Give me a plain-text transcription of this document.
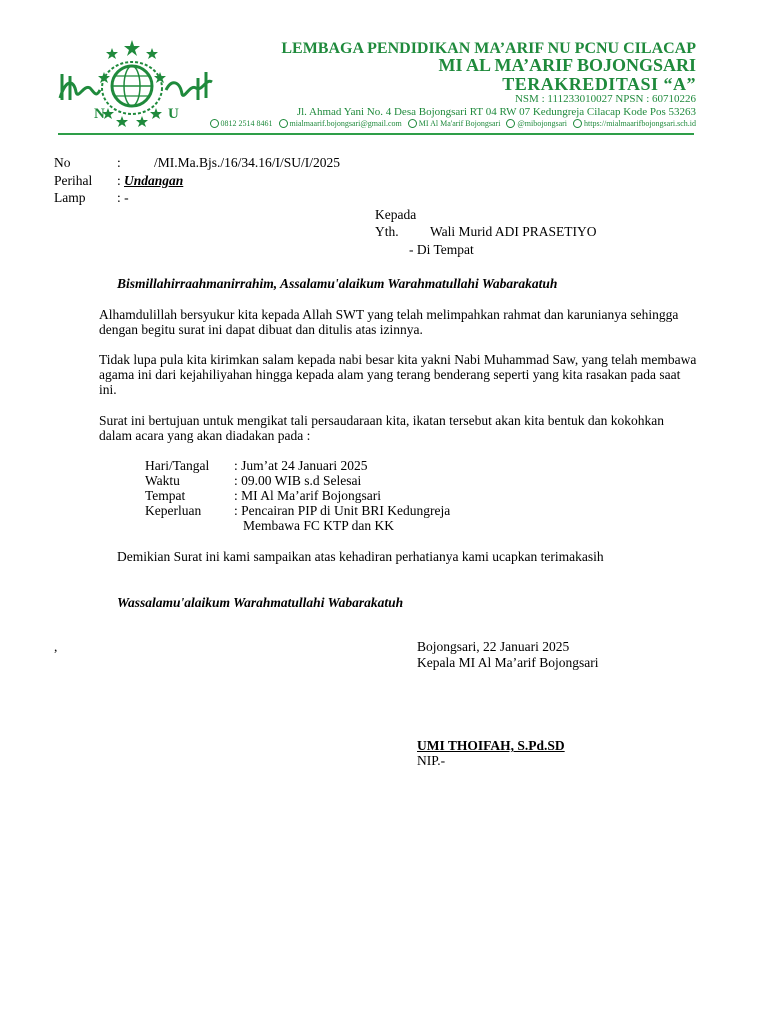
N	U
LEMBAGA PENDIDIKAN MA’ARIF NU PCNU CILACAP
MI AL MA’ARIF BOJONGSARI
TERAKREDITASI “A”
NSM : 111233010027 NPSN : 60710226
Jl. Ahmad Yani No. 4 Desa Bojongsari RT 04 RW 07 Kedungreja Cilacap Kode Pos 53263
0812 2514 8461 mialmaarif.bojongsari@gmail.com MI Al Ma'arif Bojongsari @mibojongsari https://mialmaarifbojongsari.sch.id
No	: /MI.Ma.Bjs./16/34.16/I/SU/I/2025
Perihal : Undangan
Lamp : -
Kepada
Yth. Wali Murid ADI PRASETIYO
- Di Tempat
Bismillahirraahmanirrahim, Assalamu'alaikum Warahmatullahi Wabarakatuh
Alhamdulillah bersyukur kita kepada Allah SWT yang telah melimpahkan rahmat dan karunianya sehingga dengan begitu surat ini dapat dibuat dan ditulis atas izinnya.
Tidak lupa pula kita kirimkan salam kepada nabi besar kita yakni Nabi Muhammad Saw, yang telah membawa agama ini dari kejahiliyahan hingga kepada alam yang terang benderang seperti yang kita rasakan pada saat ini.
Surat ini bertujuan untuk mengikat tali persaudaraan kita, ikatan tersebut akan kita bentuk dan kokohkan dalam acara yang akan diadakan pada :
Hari/Tangal : Jum’at 24 Januari 2025
Waktu	: 09.00 WIB s.d Selesai
Tempat	: MI Al Ma’arif Bojongsari
Keperluan : Pencairan PIP di Unit BRI Kedungreja
Membawa FC KTP dan KK
Demikian Surat ini kami sampaikan atas kehadiran perhatianya kami ucapkan terimakasih
Wassalamu'alaikum Warahmatullahi Wabarakatuh
,	Bojongsari, 22 Januari 2025
Kepala MI Al Ma’arif Bojongsari
UMI THOIFAH, S.Pd.SD
NIP.-
